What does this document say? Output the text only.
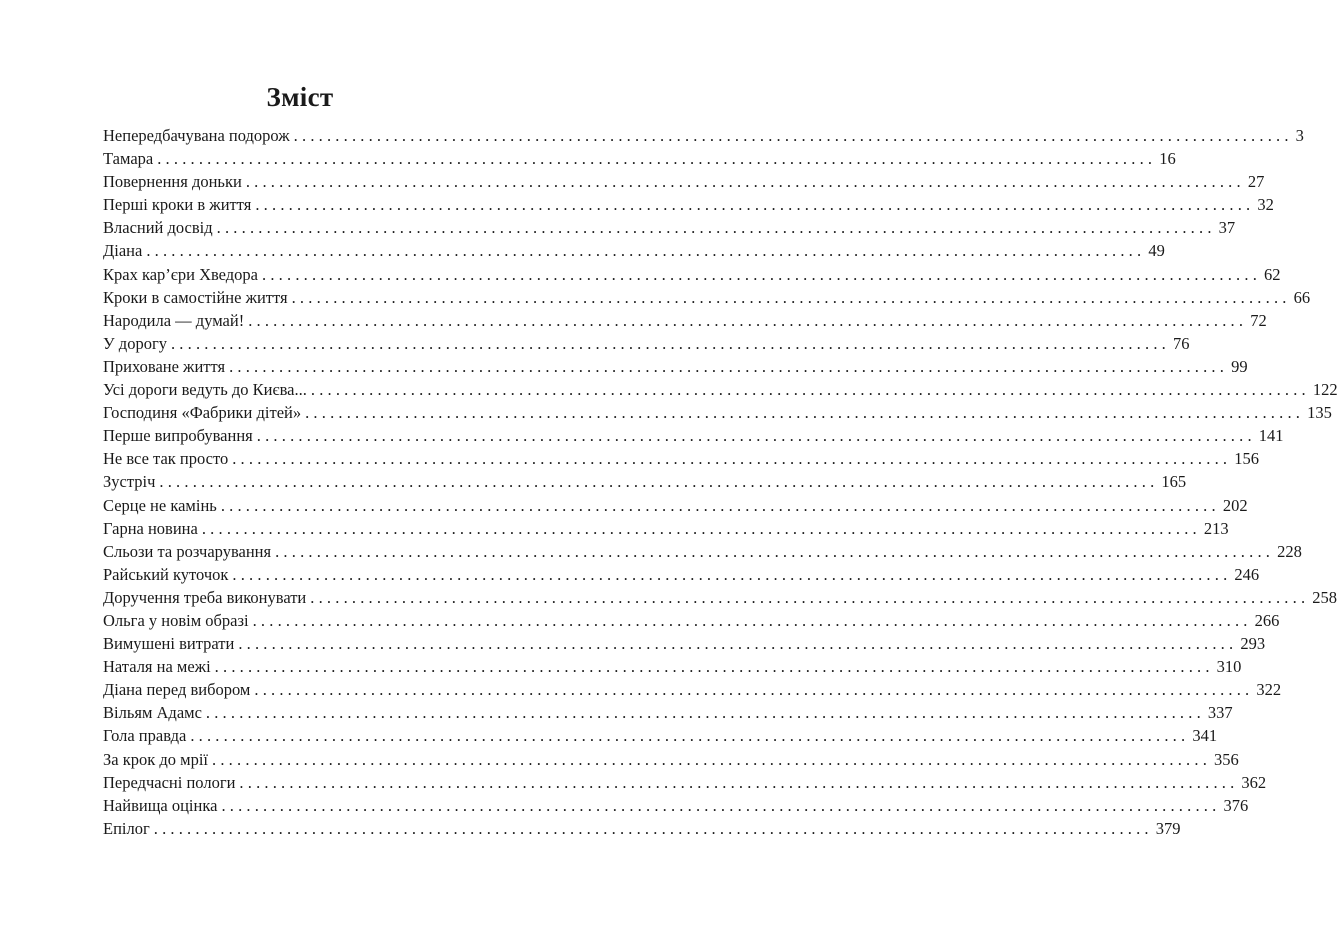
Зміст
Непередбачувана подорож ........................................................................................................................ 3
Тамара ........................................................................................................................ 16
Повернення доньки ........................................................................................................................ 27
Перші кроки в життя ........................................................................................................................ 32
Власний досвід ........................................................................................................................ 37
Діана ........................................................................................................................ 49
Крах кар’єри Хведора ........................................................................................................................ 62
Кроки в самостійне життя ........................................................................................................................ 66
Народила — думай! ........................................................................................................................ 72
У дорогу ........................................................................................................................ 76
Приховане життя ........................................................................................................................ 99
Усі дороги ведуть до Києва... ........................................................................................................................ 122
Господиня «Фабрики дітей» ........................................................................................................................ 135
Перше випробування ........................................................................................................................ 141
Не все так просто ........................................................................................................................ 156
Зустріч ........................................................................................................................ 165
Серце не камінь ........................................................................................................................ 202
Гарна новина ........................................................................................................................ 213
Сльози та розчарування ........................................................................................................................ 228
Райський куточок ........................................................................................................................ 246
Доручення треба виконувати ........................................................................................................................ 258
Ольга у новім образі ........................................................................................................................ 266
Вимушені витрати ........................................................................................................................ 293
Наталя на межі ........................................................................................................................ 310
Діана перед вибором ........................................................................................................................ 322
Вільям Адамс ........................................................................................................................ 337
Гола правда ........................................................................................................................ 341
За крок до мрії ........................................................................................................................ 356
Передчасні пологи ........................................................................................................................ 362
Найвища оцінка ........................................................................................................................ 376
Епілог ........................................................................................................................ 379
